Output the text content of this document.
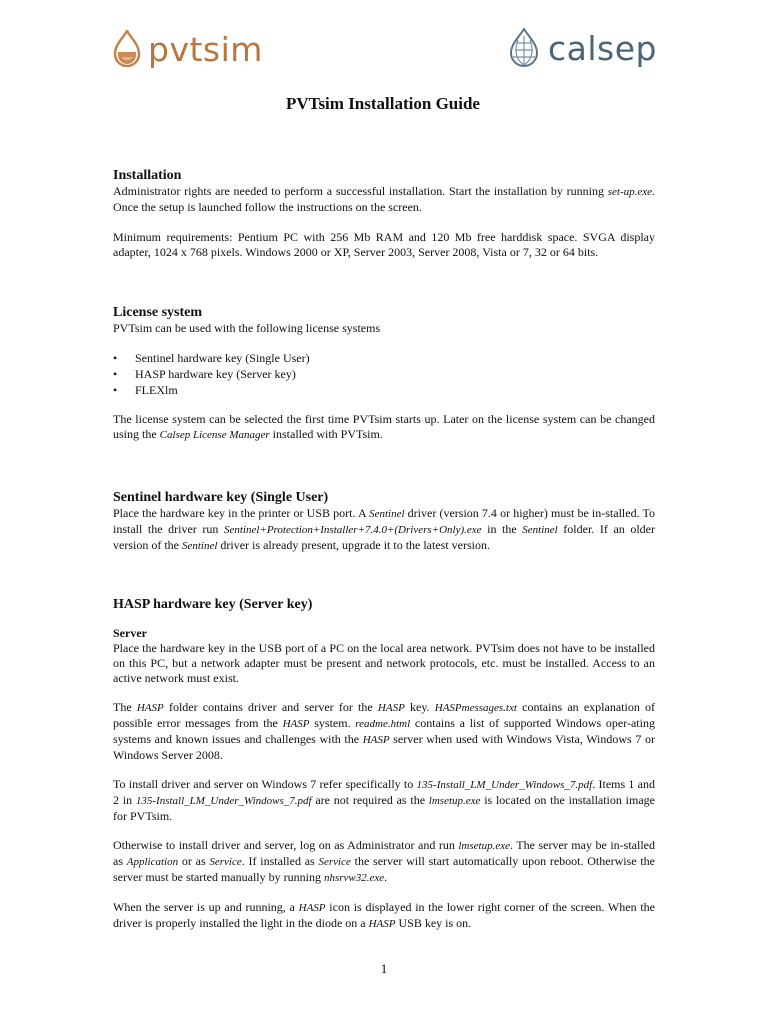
pvtsim	calsep
PVTsim Installation Guide
Installation

Administrator rights are needed to perform a successful installation. Start the installation by running set-up.exe. Once the setup is launched follow the instructions on the screen.

Minimum requirements: Pentium PC with 256 Mb RAM and 120 Mb free harddisk space. SVGA display adapter, 1024 x 768 pixels. Windows 2000 or XP, Server 2003, Server 2008, Vista or 7, 32 or 64 bits.

License system

PVTsim can be used with the following license systems

• Sentinel hardware key (Single User)
• HASP hardware key (Server key)
• FLEXlm

The license system can be selected the first time PVTsim starts up. Later on the license system can be changed using the Calsep License Manager installed with PVTsim.

Sentinel hardware key (Single User)

Place the hardware key in the printer or USB port. A Sentinel driver (version 7.4 or higher) must be in-stalled. To install the driver run Sentinel+Protection+Installer+7.4.0+(Drivers+Only).exe in the Sentinel folder. If an older version of the Sentinel driver is already present, upgrade it to the latest version.

HASP hardware key (Server key)
Server

Place the hardware key in the USB port of a PC on the local area network. PVTsim does not have to be installed on this PC, but a network adapter must be present and network protocols, etc. must be installed. Access to an active network must exist.

The HASP folder contains driver and server for the HASP key. HASPmessages.txt contains an explanation of possible error messages from the HASP system. readme.html contains a list of supported Windows oper-ating systems and known issues and challenges with the HASP server when used with Windows Vista, Windows 7 or Windows Server 2008.

To install driver and server on Windows 7 refer specifically to 135-Install_LM_Under_Windows_7.pdf. Items 1 and 2 in 135-Install_LM_Under_Windows_7.pdf are not required as the lmsetup.exe is located on the installation image for PVTsim.

Otherwise to install driver and server, log on as Administrator and run lmsetup.exe. The server may be in-stalled as Application or as Service. If installed as Service the server will start automatically upon reboot. Otherwise the server must be started manually by running nhsrvw32.exe.

When the server is up and running, a HASP icon is displayed in the lower right corner of the screen. When the driver is properly installed the light in the diode on a HASP USB key is on.

1
